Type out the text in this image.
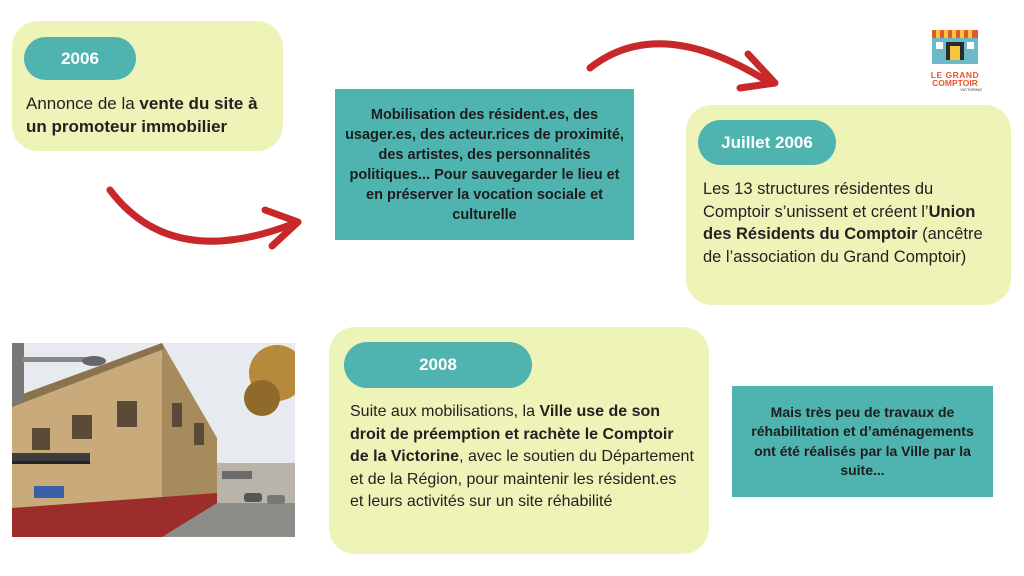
2006
Annonce de la vente du site à un promoteur immobilier
Mobilisation des résident.es, des usager.es, des acteur.rices de proximité, des artistes, des personnalités politiques... Pour sauvegarder le lieu et en préserver la vocation sociale et culturelle
LE GRAND
COMPTOIR
VICTORINE
Juillet 2006
Les 13 structures résidentes du Comptoir s’unissent et créent l’Union des Résidents du Comptoir (ancêtre de l’association du Grand Comptoir)
2008
Suite aux mobilisations, la Ville use de son droit de préemption et rachète le Comptoir de la Victorine, avec le soutien du Département et de la Région, pour maintenir les résident.es et leurs activités sur un site réhabilité
Mais très peu de travaux de réhabilitation et d’aménagements ont été réalisés par la Ville par la suite...
